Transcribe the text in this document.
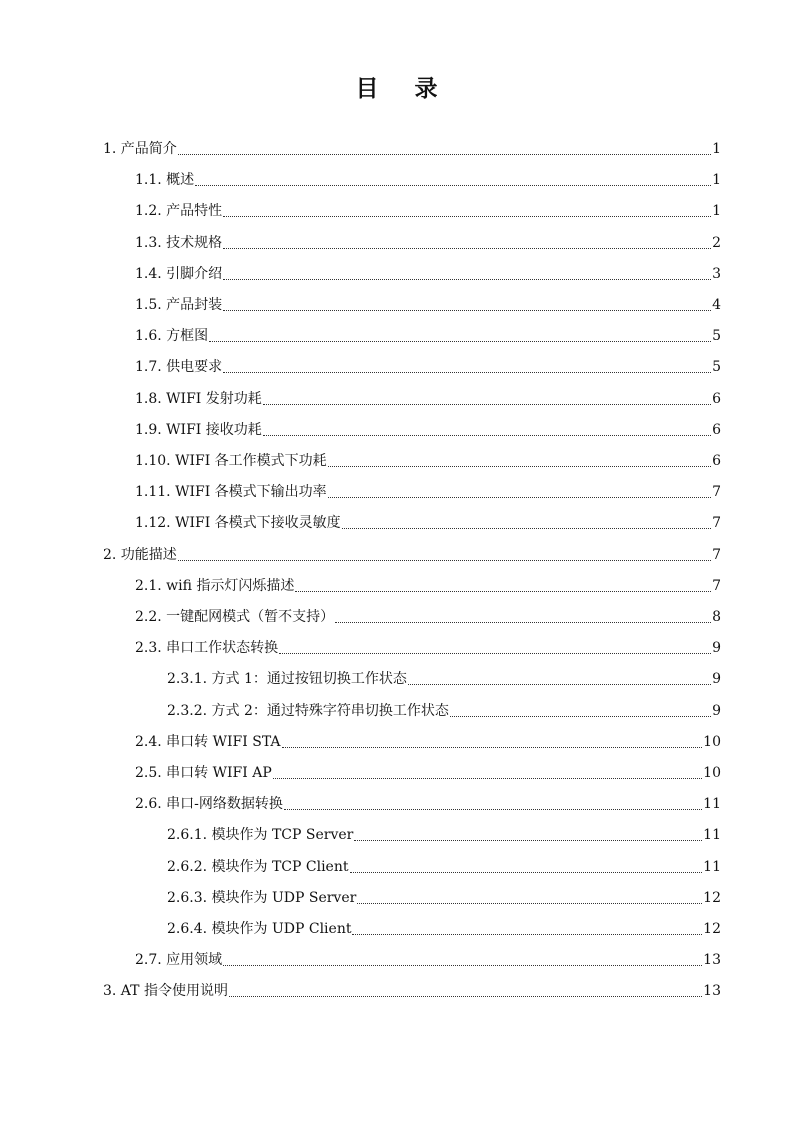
目 录
1. 产品简介	1
1.1. 概述	1
1.2. 产品特性	1
1.3. 技术规格	2
1.4. 引脚介绍	3
1.5. 产品封装	4
1.6. 方框图	5
1.7. 供电要求	5
1.8. WIFI 发射功耗	6
1.9. WIFI 接收功耗	6
1.10. WIFI 各工作模式下功耗	6
1.11. WIFI 各模式下输出功率	7
1.12. WIFI 各模式下接收灵敏度	7
2. 功能描述	7
2.1. wifi 指示灯闪烁描述	7
2.2. 一键配网模式（暂不支持）	8
2.3. 串口工作状态转换	9
2.3.1. 方式 1：通过按钮切换工作状态	9
2.3.2. 方式 2：通过特殊字符串切换工作状态	9
2.4. 串口转 WIFI STA	10
2.5. 串口转 WIFI AP	10
2.6. 串口-网络数据转换	11
2.6.1. 模块作为 TCP Server	11
2.6.2. 模块作为 TCP Client	11
2.6.3. 模块作为 UDP Server	12
2.6.4. 模块作为 UDP Client	12
2.7. 应用领域	13
3. AT 指令使用说明	13
